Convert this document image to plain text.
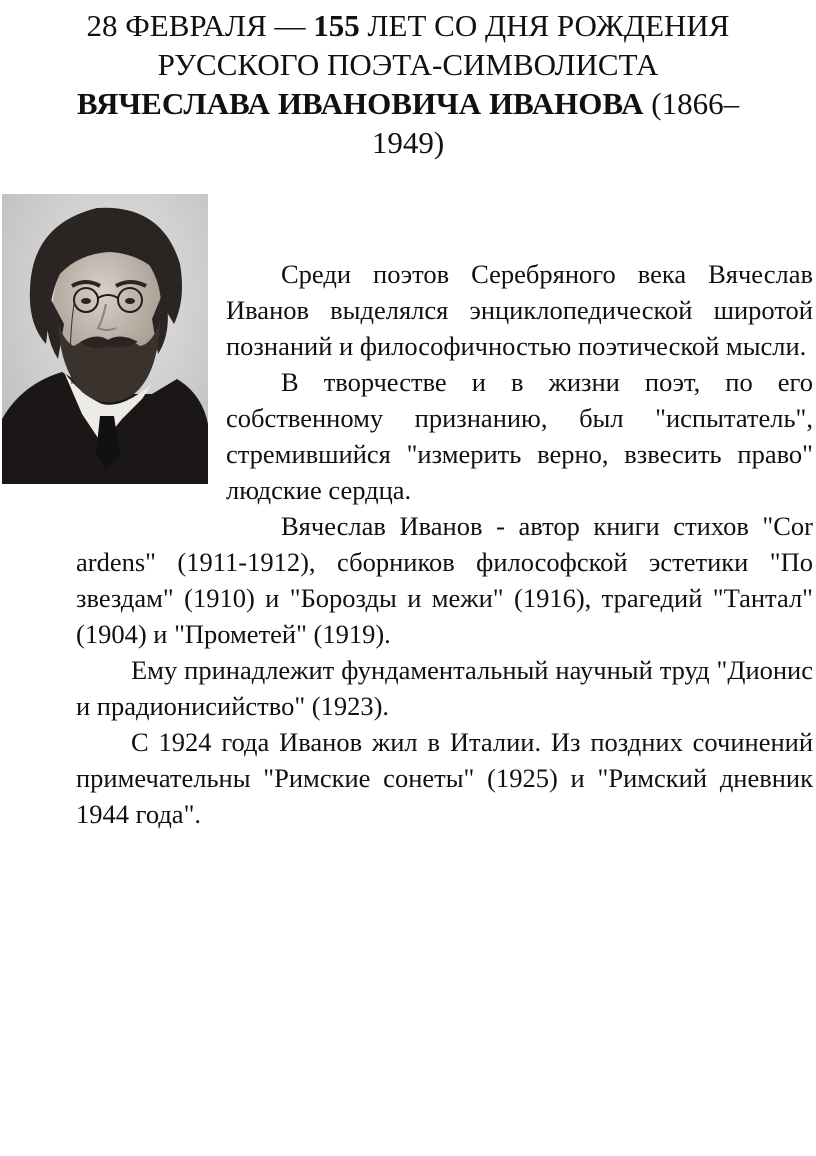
28 ФЕВРАЛЯ — 155 ЛЕТ СО ДНЯ РОЖДЕНИЯ РУССКОГО ПОЭТА-СИМВОЛИСТА ВЯЧЕСЛАВА ИВАНОВИЧА ИВАНОВА (1866–1949)

Среди поэтов Серебряного века Вячеслав Иванов выделялся энциклопедической широтой познаний и философичностью поэтической мысли.

В творчестве и в жизни поэт, по его собственному признанию, был "испытатель", стремившийся "измерить верно, взвесить право" людские сердца.

Вячеслав Иванов - автор книги стихов "Cor ardens" (1911-1912), сборников философской эстетики "По звездам" (1910) и "Борозды и межи" (1916), трагедий "Тантал" (1904) и "Прометей" (1919).

Ему принадлежит фундаментальный научный труд "Дионис и прадионисийство" (1923).

С 1924 года Иванов жил в Италии. Из поздних сочинений примечательны "Римские сонеты" (1925) и "Римский дневник 1944 года".
